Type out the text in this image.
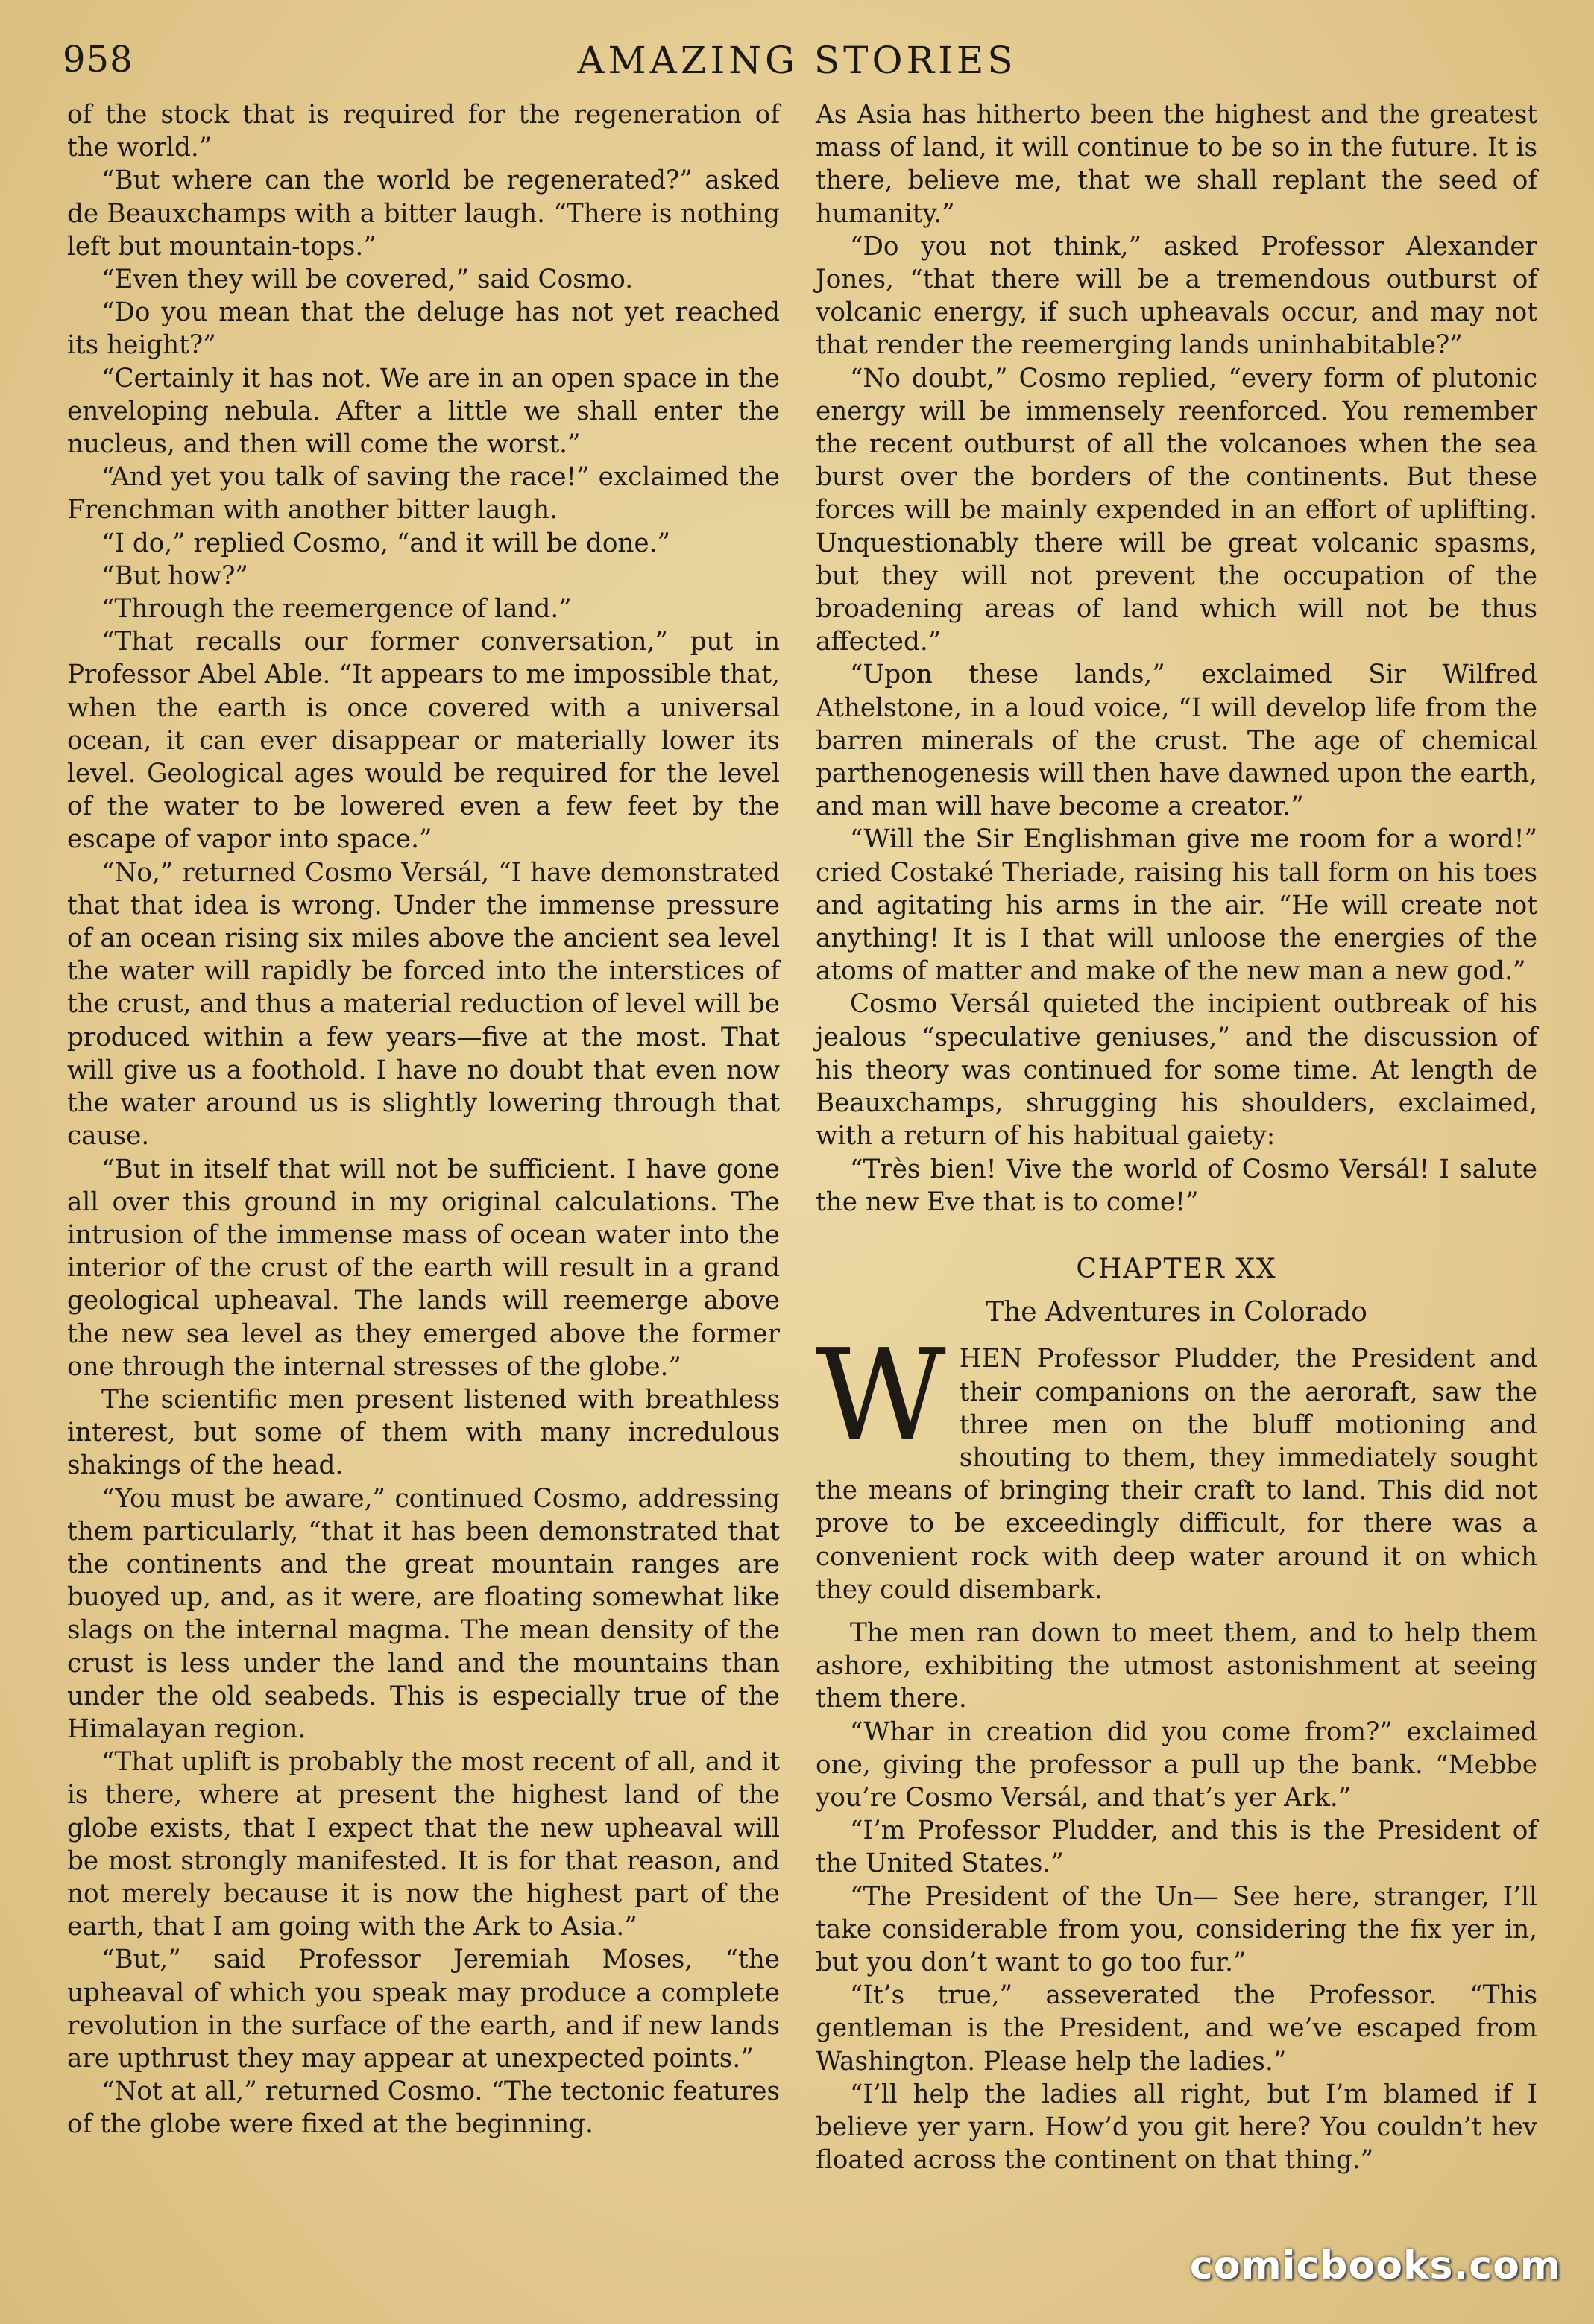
958	AMAZING STORIES

of the stock that is required for the regeneration of the world.”

“But where can the world be regenerated?” asked de Beauxchamps with a bitter laugh. “There is nothing left but mountain-tops.”

“Even they will be covered,” said Cosmo.

“Do you mean that the deluge has not yet reached its height?”

“Certainly it has not. We are in an open space in the enveloping nebula. After a little we shall enter the nucleus, and then will come the worst.”

“And yet you talk of saving the race!” exclaimed the Frenchman with another bitter laugh.

“I do,” replied Cosmo, “and it will be done.”

“But how?”

“Through the reemergence of land.”

“That recalls our former conversation,” put in Professor Abel Able. “It appears to me impossible that, when the earth is once covered with a universal ocean, it can ever disappear or materially lower its level. Geological ages would be required for the level of the water to be lowered even a few feet by the escape of vapor into space.”

“No,” returned Cosmo Versál, “I have demonstrated that that idea is wrong. Under the immense pressure of an ocean rising six miles above the ancient sea level the water will rapidly be forced into the interstices of the crust, and thus a material reduction of level will be produced within a few years—five at the most. That will give us a foothold. I have no doubt that even now the water around us is slightly lowering through that cause.

“But in itself that will not be sufficient. I have gone all over this ground in my original calculations. The intrusion of the immense mass of ocean water into the interior of the crust of the earth will result in a grand geological upheaval. The lands will reemerge above the new sea level as they emerged above the former one through the internal stresses of the globe.”

The scientific men present listened with breathless interest, but some of them with many incredulous shakings of the head.

“You must be aware,” continued Cosmo, addressing them particularly, “that it has been demonstrated that the continents and the great mountain ranges are buoyed up, and, as it were, are floating somewhat like slags on the internal magma. The mean density of the crust is less under the land and the mountains than under the old seabeds. This is especially true of the Himalayan region.

“That uplift is probably the most recent of all, and it is there, where at present the highest land of the globe exists, that I expect that the new upheaval will be most strongly manifested. It is for that reason, and not merely because it is now the highest part of the earth, that I am going with the Ark to Asia.”

“But,” said Professor Jeremiah Moses, “the upheaval of which you speak may produce a complete revolution in the surface of the earth, and if new lands are upthrust they may appear at unexpected points.”

“Not at all,” returned Cosmo. “The tectonic features of the globe were fixed at the beginning.

As Asia has hitherto been the highest and the greatest mass of land, it will continue to be so in the future. It is there, believe me, that we shall replant the seed of humanity.”

“Do you not think,” asked Professor Alexander Jones, “that there will be a tremendous outburst of volcanic energy, if such upheavals occur, and may not that render the reemerging lands uninhabitable?”

“No doubt,” Cosmo replied, “every form of plutonic energy will be immensely reenforced. You remember the recent outburst of all the volcanoes when the sea burst over the borders of the continents. But these forces will be mainly expended in an effort of uplifting. Unquestionably there will be great volcanic spasms, but they will not prevent the occupation of the broadening areas of land which will not be thus affected.”

“Upon these lands,” exclaimed Sir Wilfred Athelstone, in a loud voice, “I will develop life from the barren minerals of the crust. The age of chemical parthenogenesis will then have dawned upon the earth, and man will have become a creator.”

“Will the Sir Englishman give me room for a word!” cried Costaké Theriade, raising his tall form on his toes and agitating his arms in the air. “He will create not anything! It is I that will unloose the energies of the atoms of matter and make of the new man a new god.”

Cosmo Versál quieted the incipient outbreak of his jealous “speculative geniuses,” and the discussion of his theory was continued for some time. At length de Beauxchamps, shrugging his shoulders, exclaimed, with a return of his habitual gaiety:

“Très bien! Vive the world of Cosmo Versál! I salute the new Eve that is to come!”

CHAPTER XX
The Adventures in Colorado

WHEN Professor Pludder, the President and their companions on the aeroraft, saw the three men on the bluff motioning and shouting to them, they immediately sought the means of bringing their craft to land. This did not prove to be exceedingly difficult, for there was a convenient rock with deep water around it on which they could disembark.

The men ran down to meet them, and to help them ashore, exhibiting the utmost astonishment at seeing them there.

“Whar in creation did you come from?” exclaimed one, giving the professor a pull up the bank. “Mebbe you’re Cosmo Versál, and that’s yer Ark.”

“I’m Professor Pludder, and this is the President of the United States.”

“The President of the Un— See here, stranger, I’ll take considerable from you, considering the fix yer in, but you don’t want to go too fur.”

“It’s true,” asseverated the Professor. “This gentleman is the President, and we’ve escaped from Washington. Please help the ladies.”

“I’ll help the ladies all right, but I’m blamed if I believe yer yarn. How’d you git here? You couldn’t hev floated across the continent on that thing.”

comicbooks.com
